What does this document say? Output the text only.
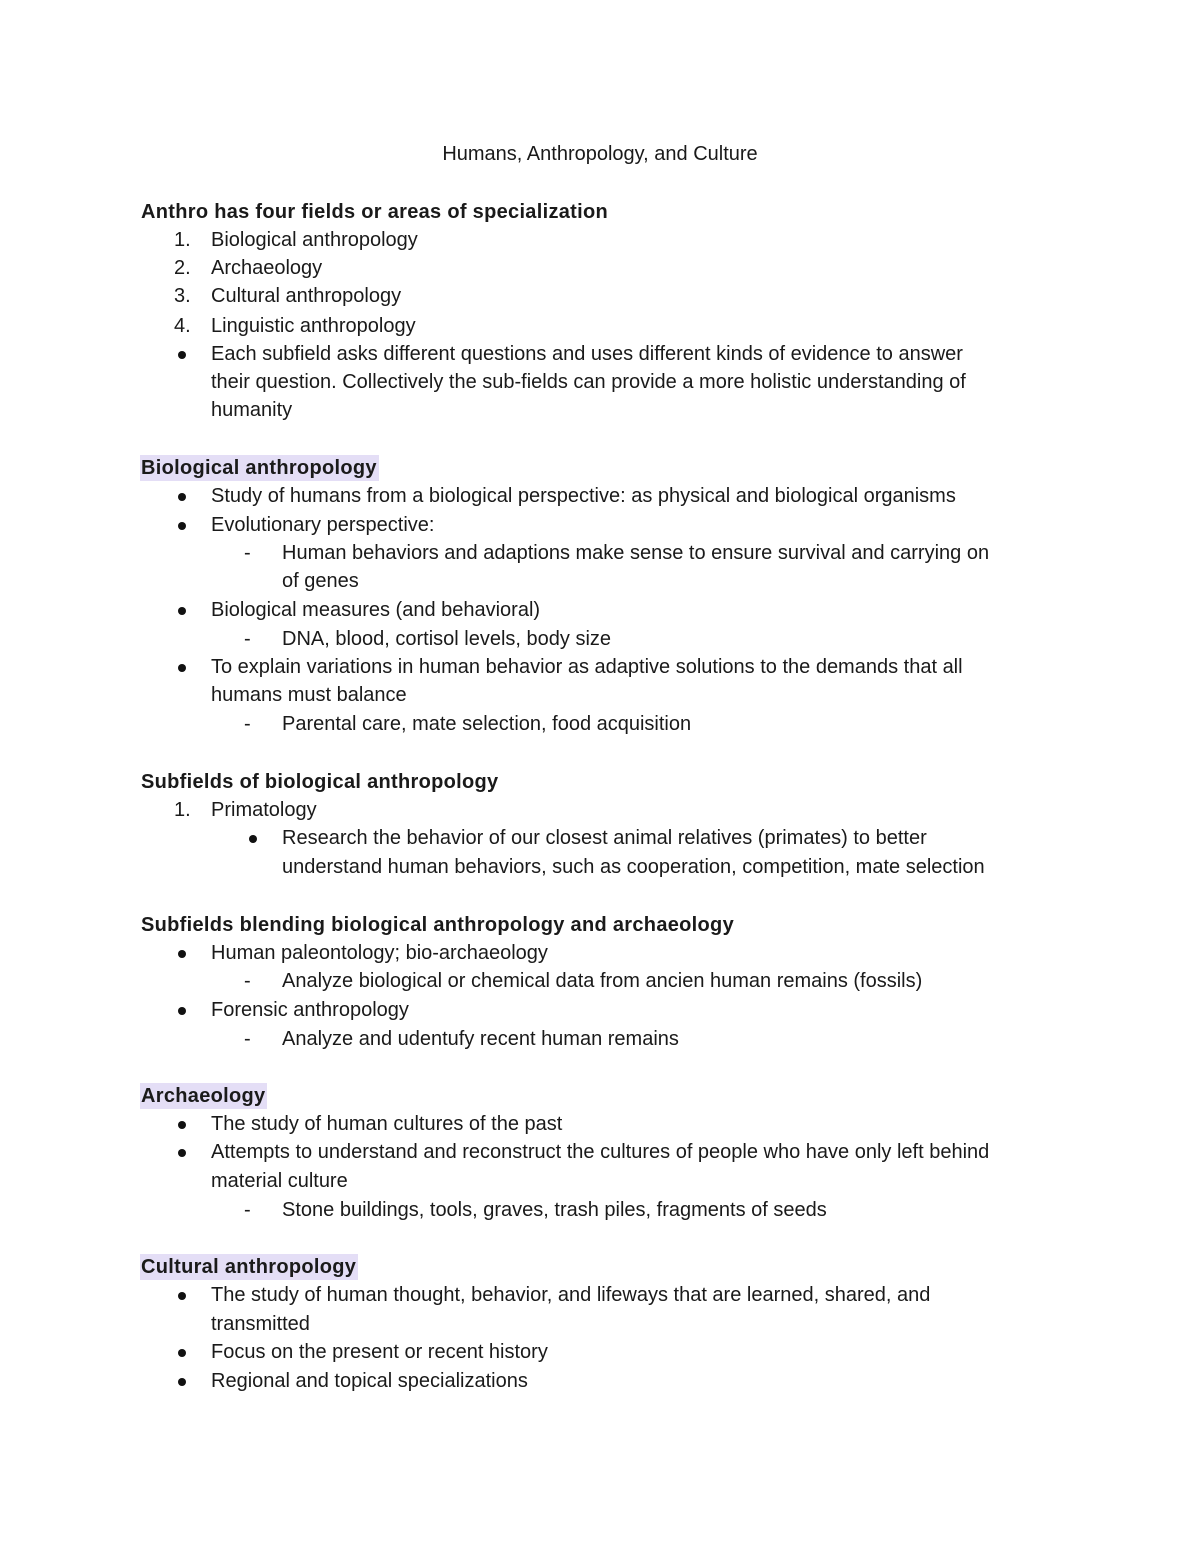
Humans, Anthropology, and Culture
Anthro has four fields or areas of specialization
1. Biological anthropology
2. Archaeology
3. Cultural anthropology
4. Linguistic anthropology
Each subfield asks different questions and uses different kinds of evidence to answer
their question. Collectively the sub-fields can provide a more holistic understanding of
humanity
Biological anthropology
Study of humans from a biological perspective: as physical and biological organisms
Evolutionary perspective:
- Human behaviors and adaptions make sense to ensure survival and carrying on
of genes
Biological measures (and behavioral)
- DNA, blood, cortisol levels, body size
To explain variations in human behavior as adaptive solutions to the demands that all
humans must balance
- Parental care, mate selection, food acquisition
Subfields of biological anthropology
1. Primatology
Research the behavior of our closest animal relatives (primates) to better
understand human behaviors, such as cooperation, competition, mate selection
Subfields blending biological anthropology and archaeology
Human paleontology; bio-archaeology
- Analyze biological or chemical data from ancien human remains (fossils)
Forensic anthropology
- Analyze and udentufy recent human remains
Archaeology
The study of human cultures of the past
Attempts to understand and reconstruct the cultures of people who have only left behind
material culture
- Stone buildings, tools, graves, trash piles, fragments of seeds
Cultural anthropology
The study of human thought, behavior, and lifeways that are learned, shared, and
transmitted
Focus on the present or recent history
Regional and topical specializations
